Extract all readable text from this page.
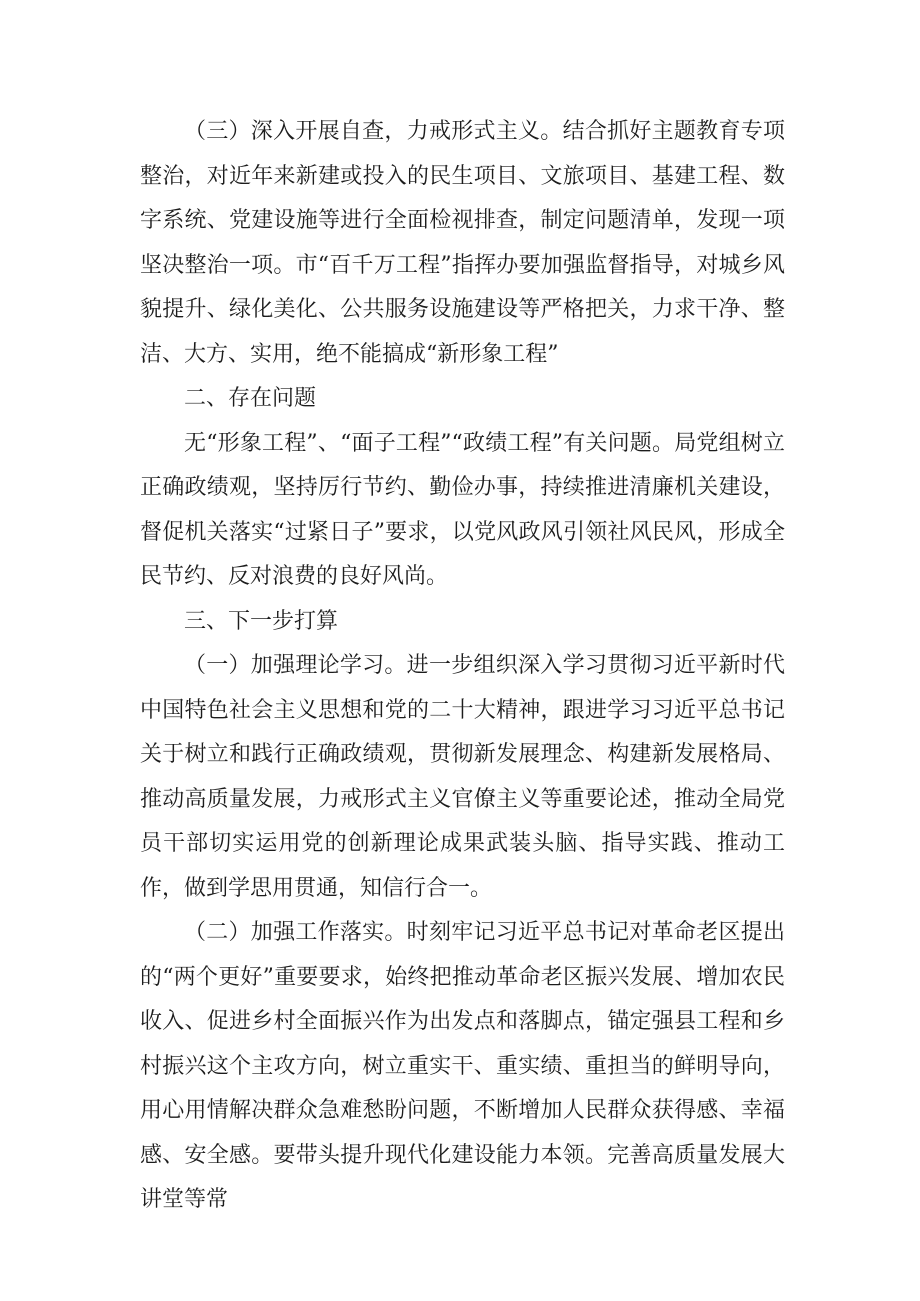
（三）深入开展自查，力戒形式主义。结合抓好主题教育专项整治，对近年来新建或投入的民生项目、文旅项目、基建工程、数字系统、党建设施等进行全面检视排查，制定问题清单，发现一项坚决整治一项。市“百千万工程”指挥办要加强监督指导，对城乡风貌提升、绿化美化、公共服务设施建设等严格把关，力求干净、整洁、大方、实用，绝不能搞成“新形象工程”

二、存在问题

无“形象工程”、“面子工程”“政绩工程”有关问题。局党组树立正确政绩观，坚持厉行节约、勤俭办事，持续推进清廉机关建设，督促机关落实“过紧日子”要求，以党风政风引领社风民风，形成全民节约、反对浪费的良好风尚。

三、下一步打算

（一）加强理论学习。进一步组织深入学习贯彻习近平新时代中国特色社会主义思想和党的二十大精神，跟进学习习近平总书记关于树立和践行正确政绩观，贯彻新发展理念、构建新发展格局、推动高质量发展，力戒形式主义官僚主义等重要论述，推动全局党员干部切实运用党的创新理论成果武装头脑、指导实践、推动工作，做到学思用贯通，知信行合一。

（二）加强工作落实。时刻牢记习近平总书记对革命老区提出的“两个更好”重要要求，始终把推动革命老区振兴发展、增加农民收入、促进乡村全面振兴作为出发点和落脚点，锚定强县工程和乡村振兴这个主攻方向，树立重实干、重实绩、重担当的鲜明导向，用心用情解决群众急难愁盼问题，不断增加人民群众获得感、幸福感、安全感。要带头提升现代化建设能力本领。完善高质量发展大讲堂等常
